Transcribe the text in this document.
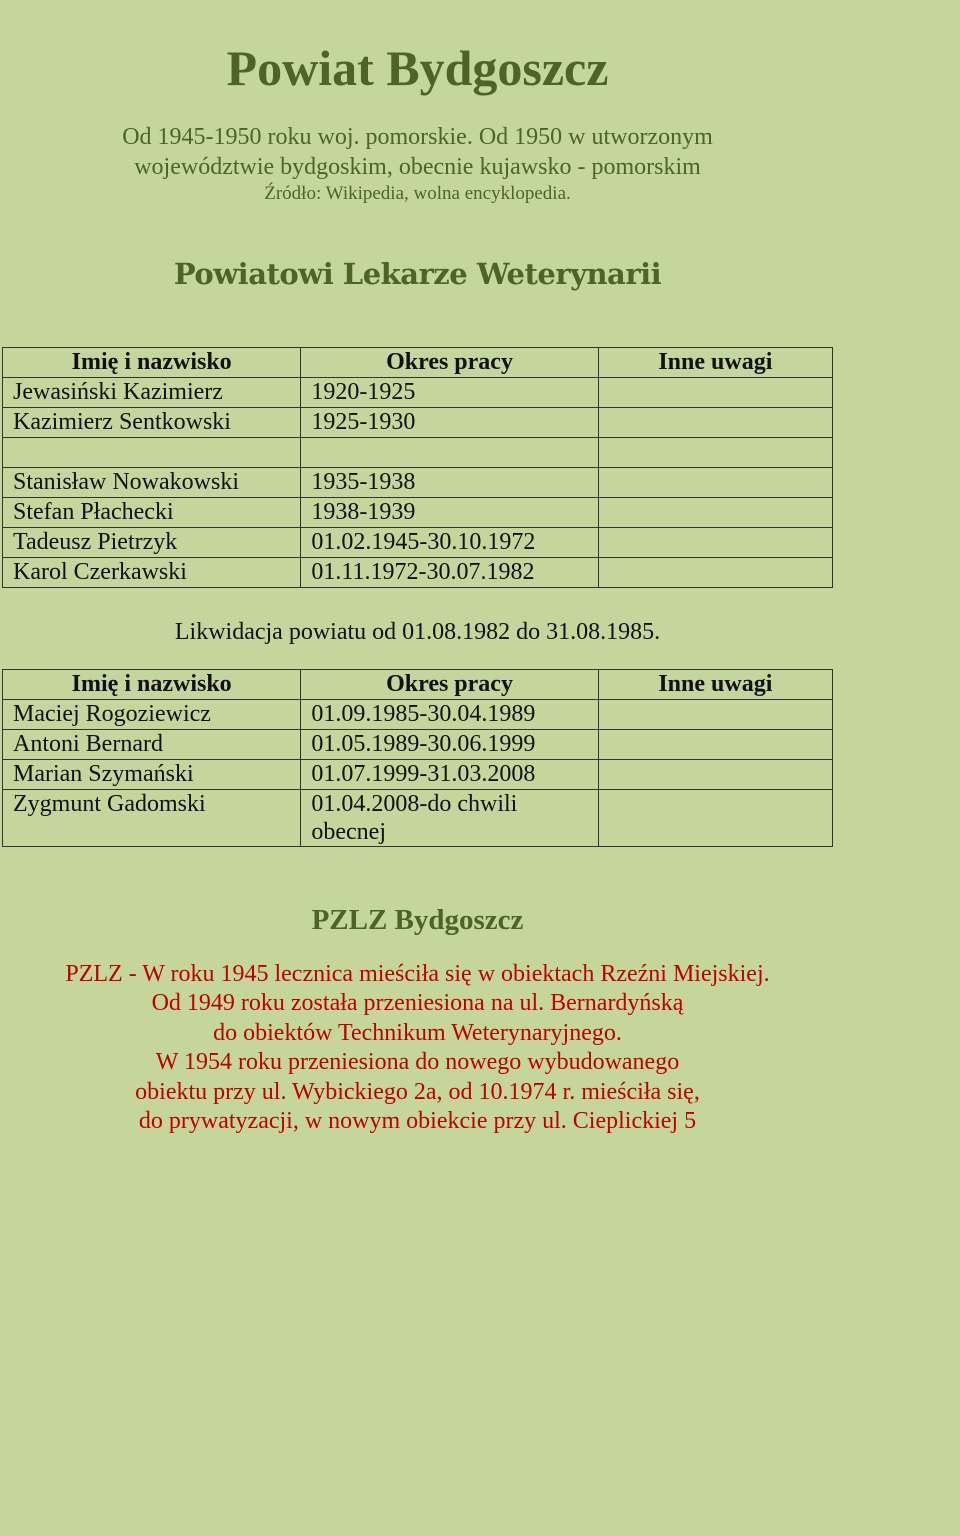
Powiat Bydgoszcz
Od 1945-1950 roku woj. pomorskie. Od 1950 w utworzonym
województwie bydgoskim, obecnie kujawsko - pomorskim
Źródło: Wikipedia, wolna encyklopedia.
Powiatowi Lekarze Weterynarii
Imię i nazwisko	Okres pracy	Inne uwagi
Jewasiński Kazimierz	1920-1925	
Kazimierz Sentkowski	1925-1930	

Stanisław Nowakowski	1935-1938	
Stefan Płachecki	1938-1939	
Tadeusz Pietrzyk	01.02.1945-30.10.1972	
Karol Czerkawski	01.11.1972-30.07.1982	
Likwidacja powiatu od 01.08.1982 do 31.08.1985.
Imię i nazwisko	Okres pracy	Inne uwagi
Maciej Rogoziewicz	01.09.1985-30.04.1989	
Antoni Bernard	01.05.1989-30.06.1999	
Marian Szymański	01.07.1999-31.03.2008	
Zygmunt Gadomski	01.04.2008-do chwili obecnej	
PZLZ Bydgoszcz
PZLZ - W roku 1945 lecznica mieściła się w obiektach Rzeźni Miejskiej.
Od 1949 roku została przeniesiona na ul. Bernardyńską
do obiektów Technikum Weterynaryjnego.
W 1954 roku przeniesiona do nowego wybudowanego
obiektu przy ul. Wybickiego 2a, od 10.1974 r. mieściła się,
do prywatyzacji, w nowym obiekcie przy ul. Cieplickiej 5
